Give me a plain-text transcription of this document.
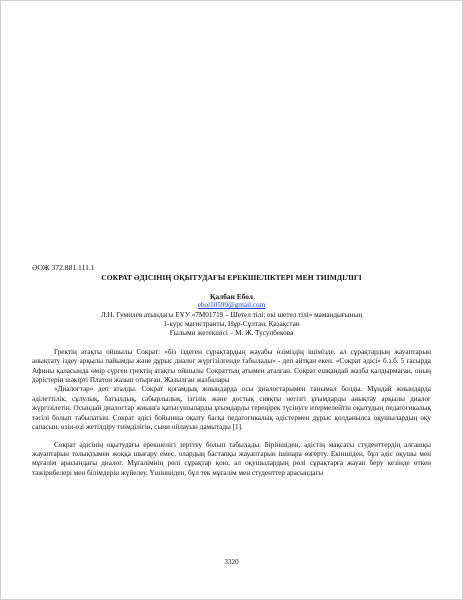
ӘОЖ 372.881.111.1
СОКРАТ ӘДІСІНІҢ ОҚЫТУДАҒЫ ЕРЕКШЕЛІКТЕРІ МЕН ТИІМДІЛІГІ
Қалбан Ебол
ebol10599@gmail.com
Л.Н. Гумилев атындағы ЕҰУ «7М01719 – Шетел тілі: екі шетел тілі» мамандығының
1-курс магистранты, Нұр-Сұлтан, Қазақстан
Ғылыми жетекшісі – М. Ж. Тусупбекова

Гректің атақты ойшылы Сократ: «біз іздеген сұрақтардың жауабы өзіміздің ішімізде, ал сұрақтардың жауаптарын анықтату іздеу арқылы пайымды және дұрыс диалог жүргізілгенде табылады» - деп айтқан екен. «Сократ әдісі» б.з.б. 5 ғасырда Афины қаласында өмір сүрген гректің атақты ойшылы Сократтың атымен аталған. Сократ ешқандай жазба қалдырмаған, оның дәрістерін шәкірті Платон жазып отырған. Жазылған жазбалары

«Диалогтар» деп аталды. Сократ қоғамдық жиындарда осы диалогтарымен танымал болды. Мұндай жиындарда әділеттілік, сұлулық, батылдық, сабырлылық, ізгілік және достық сияқты негізгі ұғымдарды анықтау арқылы диалог жүргізілетін. Осындай диалогтар жиынға қатысушыларды ұғымдарды тереңірек түсінуге итермелейтін оқытудың педагогикалық тәсілі болып табылатын. Сократ әдісі бойынша оқыту басқа педагогикалық әдістермен дұрыс қолданылса оқушылардың оқу сапасын, өзін-өзі жетілдіру тиімділігін, сыни ойлауын дамытады [1].

Сократ әдісінің оқытудағы ерекшелігі зерттеу болып табылады. Біріншіден, әдістің мақсаты студенттердің алғашқы жауаптарын толықтымен жоққа шығару емес, олардың бастапқы жауаптарын ішінара өзгерту. Екіншіден, бұл әдіс оқушы мен мұғалім арасындағы диалог. Мұғалімнің рөлі сұрақтар қою, ал оқушылардың рөлі сұрақтарға жауап беру кезінде өткен тәжірибелері мен білімдерін жүйелеу. Үшіншіден, бұл тек мұғалім мен студенттер арасындағы

3320
